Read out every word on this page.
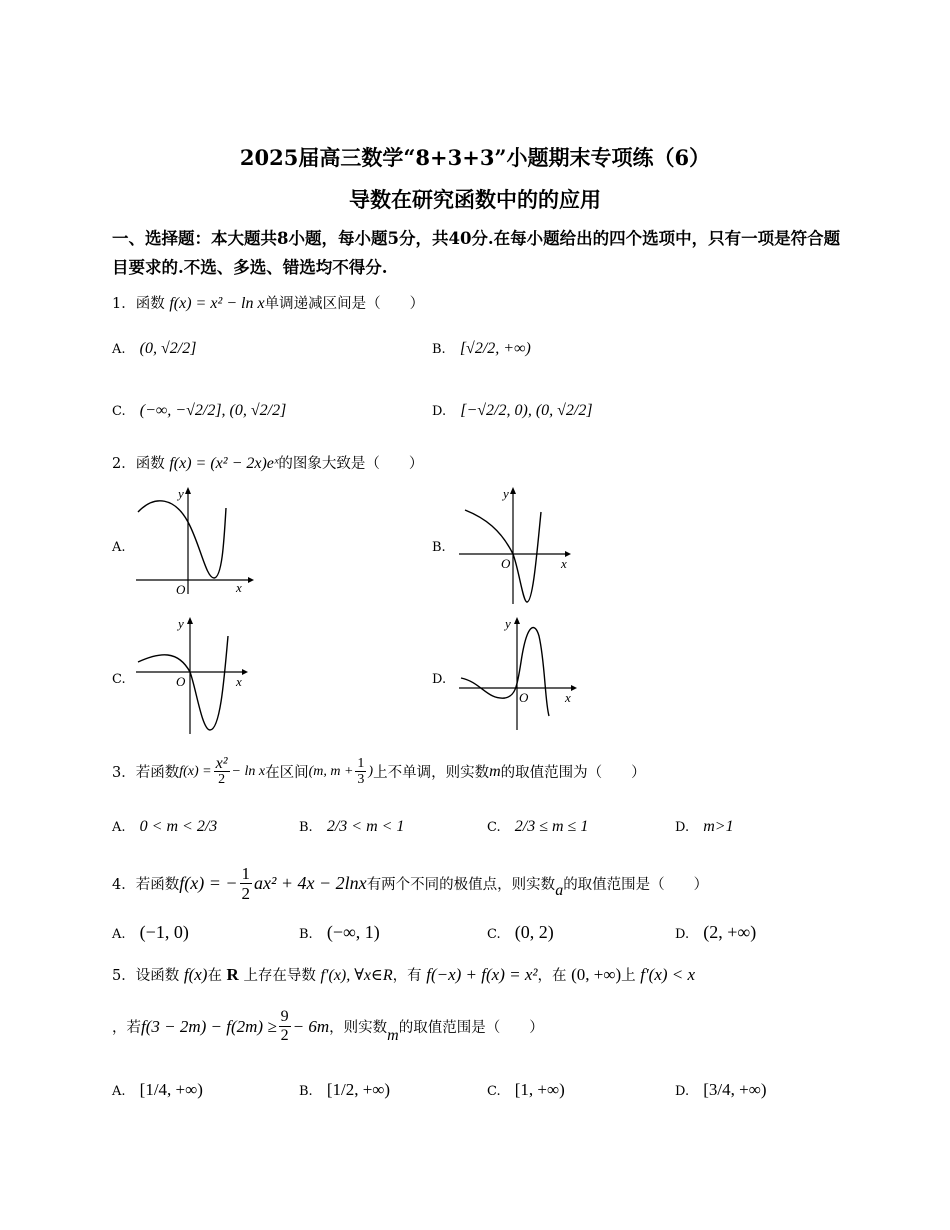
2025届高三数学“8+3+3”小题期末专项练（6）
导数在研究函数中的的应用
一、选择题：本大题共8小题，每小题5分，共40分.在每小题给出的四个选项中，只有一项是符合题目要求的.不选、多选、错选均不得分.
1．函数 f(x) = x² − ln x单调递减区间是（　　）
A. (0, √2/2]	B. [√2/2, +∞)
C. (−∞, −√2/2], (0, √2/2]	D. [−√2/2, 0), (0, √2/2]
2．函数 f(x) = (x² − 2x)eˣ的图象大致是（　　）
A.
O	x
y
B.
O	x
y
C.	O	x
y
D.
O	x
y
3． 若函数 $f(x) = \frac{\text{x²}}{2} - \ln x$ 在区间 (m, $m + \frac{1}{3}$ ) 上不单调，则实数 m 的取值范围为（　　）
A. 0 < m < 2/3	B. 2/3 < m < 1	C. 2/3 ≤ m ≤ 1	D. m>1
4． 若函数 f(x) = − $\frac{1}{2} ax^2 + 4x - 2\ln x$ 有两个不同的极值点，则实数 a 的取值范围是（　　）
A. (−1, 0)	B. (−∞, 1)	C. (0, 2)	D. (2, +∞)
5．设函数 f(x)在 R 上存在导数 f′(x), ∀x∈R，有 f(−x) + f(x) = x²，在 (0, +∞)上 f′(x) < x
，若 $f(3 - 2m) - f(2m) \ge \frac{9}{2} - 6m$ ，则实数 m 的取值范围是（　　）
A. [1/4, +∞)	B. [1/2, +∞)	C. [1, +∞)	D. [3/4, +∞)
